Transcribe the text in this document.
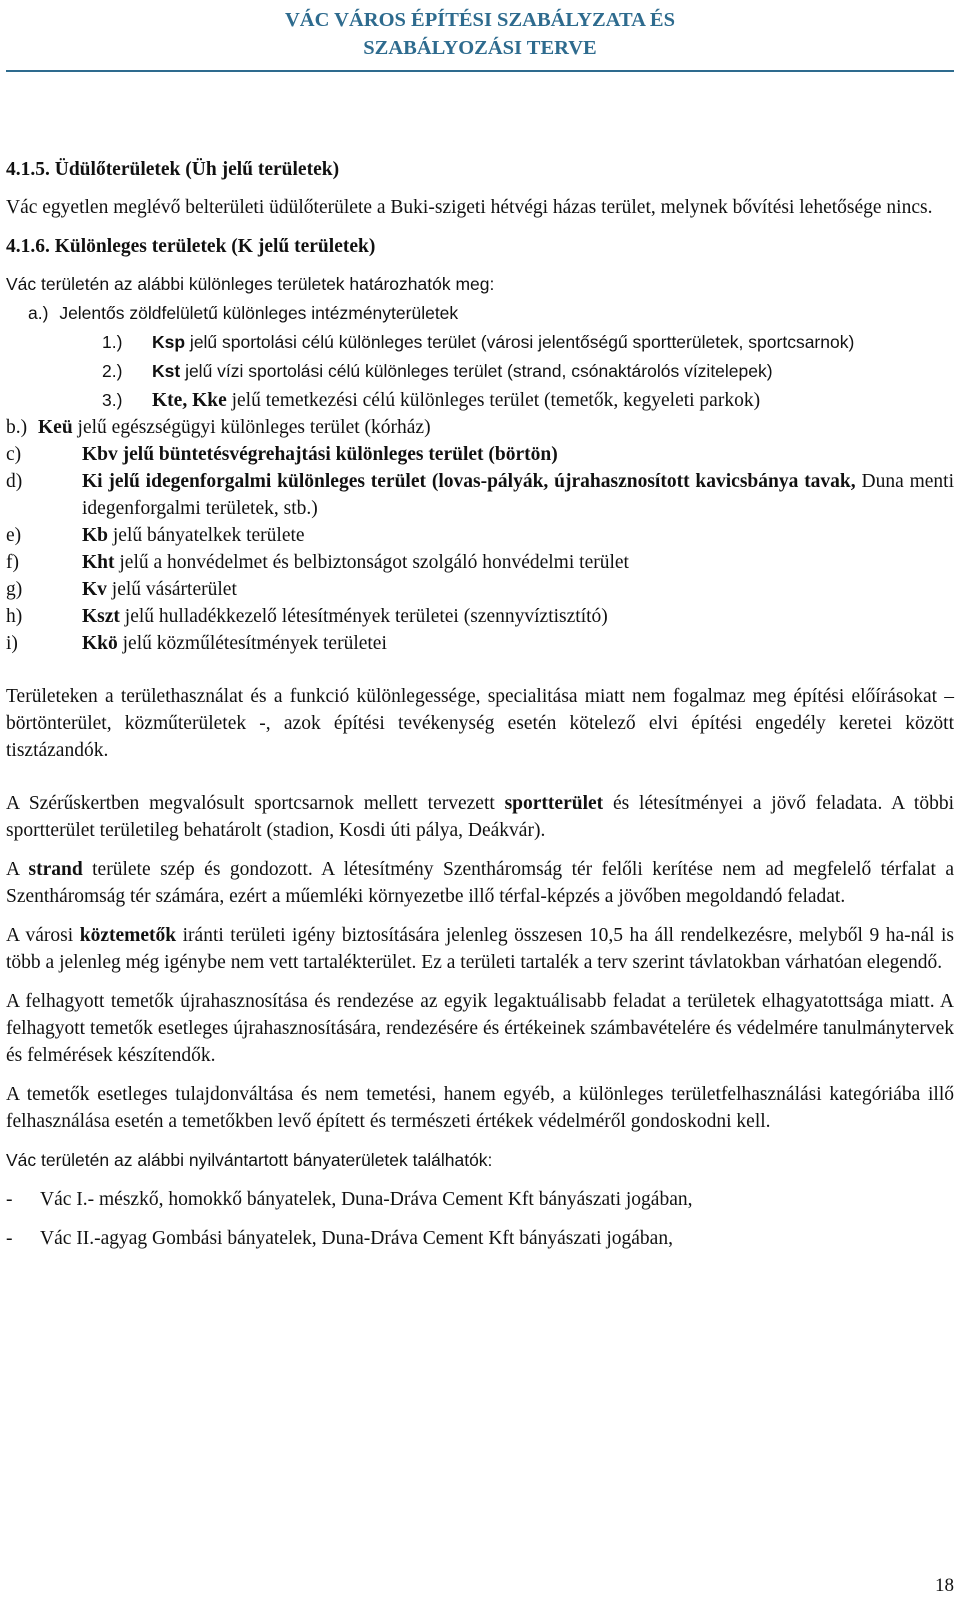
VÁC VÁROS ÉPÍTÉSI SZABÁLYZATA ÉS
SZABÁLYOZÁSI TERVE
4.1.5. Üdülőterületek (Üh jelű területek)
Vác egyetlen meglévő belterületi üdülőterülete a Buki-szigeti hétvégi házas terület, melynek bővítési lehetősége nincs.
4.1.6. Különleges területek (K jelű területek)
Vác területén az alábbi különleges területek határozhatók meg:
a.) Jelentős zöldfelületű különleges intézményterületek
1.) Ksp jelű sportolási célú különleges terület (városi jelentőségű sportterületek, sportcsarnok)
2.) Kst jelű vízi sportolási célú különleges terület (strand, csónaktárolós vízitelepek)
3.) Kte, Kke jelű temetkezési célú különleges terület (temetők, kegyeleti parkok)
b.) Keü jelű egészségügyi különleges terület (kórház)
c)	Kbv jelű büntetésvégrehajtási különleges terület (börtön)
d)	Ki jelű idegenforgalmi különleges terület (lovas-pályák, újrahasznosított kavicsbánya tavak, Duna menti idegenforgalmi területek, stb.)
e)	Kb jelű bányatelkek területe
f)	Kht jelű a honvédelmet és belbiztonságot szolgáló honvédelmi terület
g)	Kv jelű vásárterület
h)	Kszt jelű hulladékkezelő létesítmények területei (szennyvíztisztító)
i)	Kkö jelű közműlétesítmények területei
Területeken a területhasználat és a funkció különlegessége, specialitása miatt nem fogalmaz meg építési előírásokat – börtönterület, közműterületek -, azok építési tevékenység esetén kötelező elvi építési engedély keretei között tisztázandók.
A Szérűskertben megvalósult sportcsarnok mellett tervezett sportterület és létesítményei a jövő feladata. A többi sportterület területileg behatárolt (stadion, Kosdi úti pálya, Deákvár).
A strand területe szép és gondozott. A létesítmény Szentháromság tér felőli kerítése nem ad megfelelő térfalat a Szentháromság tér számára, ezért a műemléki környezetbe illő térfal-képzés a jövőben megoldandó feladat.
A városi köztemetők iránti területi igény biztosítására jelenleg összesen 10,5 ha áll rendelkezésre, melyből 9 ha-nál is több a jelenleg még igénybe nem vett tartalékterület. Ez a területi tartalék a terv szerint távlatokban várhatóan elegendő.
A felhagyott temetők újrahasznosítása és rendezése az egyik legaktuálisabb feladat a területek elhagyatottsága miatt. A felhagyott temetők esetleges újrahasznosítására, rendezésére és értékeinek számbavételére és védelmére tanulmánytervek és felmérések készítendők.
A temetők esetleges tulajdonváltása és nem temetési, hanem egyéb, a különleges területfelhasználási kategóriába illő felhasználása esetén a temetőkben levő épített és természeti értékek védelméről gondoskodni kell.
Vác területén az alábbi nyilvántartott bányaterületek találhatók:
-	Vác I.- mészkő, homokkő bányatelek, Duna-Dráva Cement Kft bányászati jogában,
-	Vác II.-agyag Gombási bányatelek, Duna-Dráva Cement Kft bányászati jogában,
18
